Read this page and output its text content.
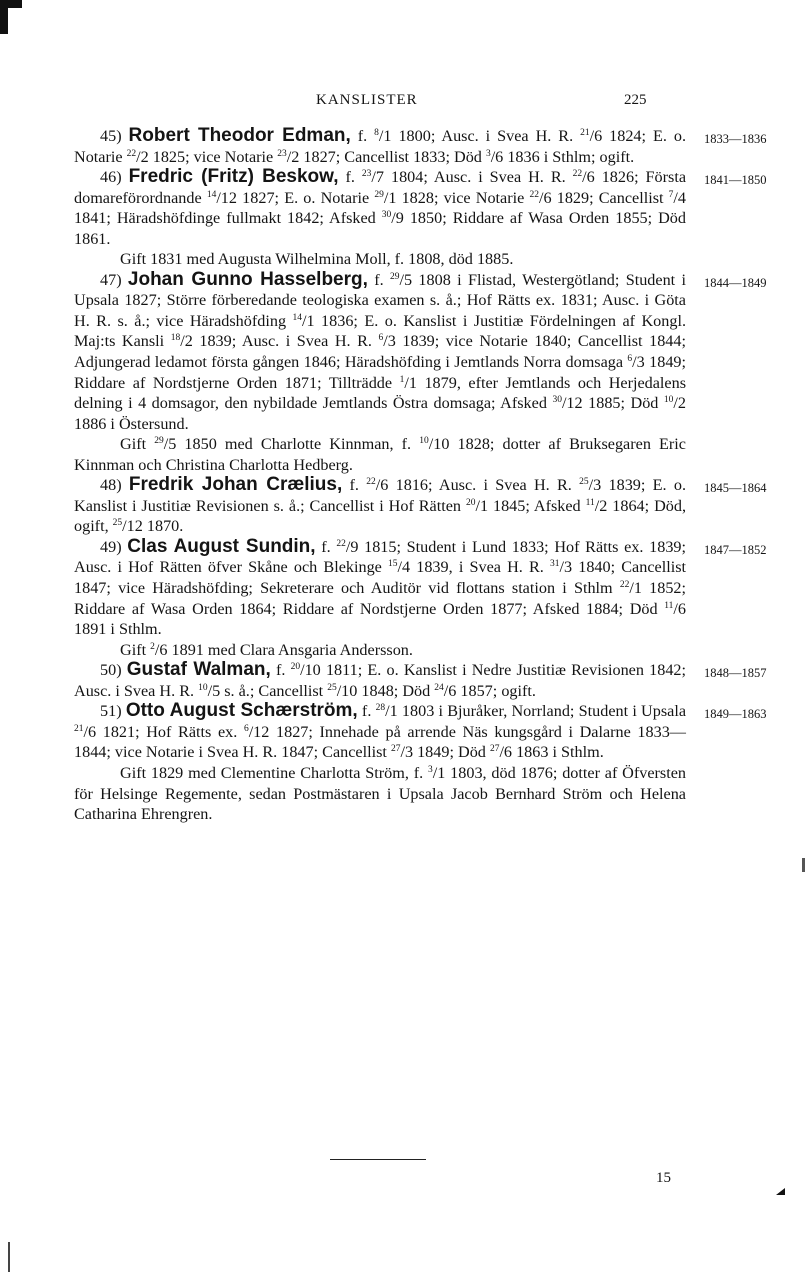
KANSLISTER	225

1833—1836
45) Robert Theodor Edman, f. $^8$/1 1800; Ausc. i Svea H. R. $^{21}$/6 1824; E. o. Notarie $^{22}$/2 1825; vice Notarie $^{23}$/2 1827; Cancellist 1833; Död $^3$/6 1836 i Sthlm; ogift.

1841—1850
46) Fredric (Fritz) Beskow, f. $^{23}$/7 1804; Ausc. i Svea H. R. $^{22}$/6 1826; Första domareförordnande $^{14}$/12 1827; E. o. Notarie $^{29}$/1 1828; vice Notarie $^{22}$/6 1829; Cancellist $^7$/4 1841; Häradshöfdinge fullmakt 1842; Afsked $^{30}$/9 1850; Riddare af Wasa Orden 1855; Död 1861.

Gift 1831 med Augusta Wilhelmina Moll, f. 1808, död 1885.

1844—1849
47) Johan Gunno Hasselberg, f. $^{29}$/5 1808 i Flistad, Westergötland; Student i Upsala 1827; Större förberedande teologiska examen s. å.; Hof Rätts ex. 1831; Ausc. i Göta H. R. s. å.; vice Häradshöfding $^{14}$/1 1836; E. o. Kanslist i Justitiæ Fördelningen af Kongl. Maj:ts Kansli $^{18}$/2 1839; Ausc. i Svea H. R. $^6$/3 1839; vice Notarie 1840; Cancellist 1844; Adjungerad ledamot första gången 1846; Häradshöfding i Jemtlands Norra domsaga $^6$/3 1849; Riddare af Nordstjerne Orden 1871; Tillträdde $^1$/1 1879, efter Jemtlands och Herjedalens delning i 4 domsagor, den nybildade Jemtlands Östra domsaga; Afsked $^{30}$/12 1885; Död $^{10}$/2 1886 i Östersund.

Gift $^{29}$/5 1850 med Charlotte Kinnman, f. $^{10}$/10 1828; dotter af Bruksegaren Eric Kinnman och Christina Charlotta Hedberg.

1845—1864
48) Fredrik Johan Crælius, f. $^{22}$/6 1816; Ausc. i Svea H. R. $^{25}$/3 1839; E. o. Kanslist i Justitiæ Revisionen s. å.; Cancellist i Hof Rätten $^{20}$/1 1845; Afsked $^{11}$/2 1864; Död, ogift, $^{25}$/12 1870.

1847—1852
49) Clas August Sundin, f. $^{22}$/9 1815; Student i Lund 1833; Hof Rätts ex. 1839; Ausc. i Hof Rätten öfver Skåne och Blekinge $^{15}$/4 1839, i Svea H. R. $^{31}$/3 1840; Cancellist 1847; vice Häradshöfding; Sekreterare och Auditör vid flottans station i Sthlm $^{22}$/1 1852; Riddare af Wasa Orden 1864; Riddare af Nordstjerne Orden 1877; Afsked 1884; Död $^{11}$/6 1891 i Sthlm.

Gift $^2$/6 1891 med Clara Ansgaria Andersson.

1848—1857
50) Gustaf Walman, f. $^{20}$/10 1811; E. o. Kanslist i Nedre Justitiæ Revisionen 1842; Ausc. i Svea H. R. $^{10}$/5 s. å.; Cancellist $^{25}$/10 1848; Död $^{24}$/6 1857; ogift.

1849—1863
51) Otto August Schærström, f. $^{28}$/1 1803 i Bjuråker, Norrland; Student i Upsala $^{21}$/6 1821; Hof Rätts ex. $^6$/12 1827; Innehade på arrende Näs kungsgård i Dalarne 1833—1844; vice Notarie i Svea H. R. 1847; Cancellist $^{27}$/3 1849; Död $^{27}$/6 1863 i Sthlm.

Gift 1829 med Clementine Charlotta Ström, f. $^3$/1 1803, död 1876; dotter af Öfversten för Helsinge Regemente, sedan Postmästaren i Upsala Jacob Bernhard Ström och Helena Catharina Ehrengren.

15
